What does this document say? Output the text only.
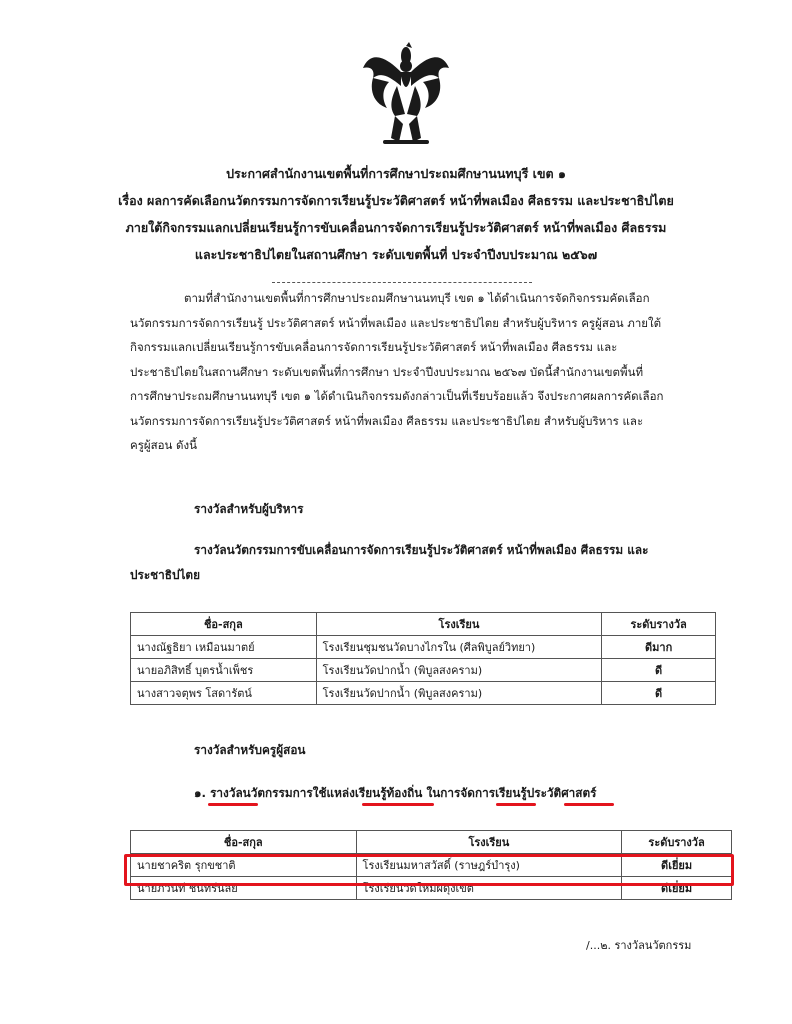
ประกาศสำนักงานเขตพื้นที่การศึกษาประถมศึกษานนทบุรี เขต ๑
เรื่อง ผลการคัดเลือกนวัตกรรมการจัดการเรียนรู้ประวัติศาสตร์ หน้าที่พลเมือง ศีลธรรม และประชาธิปไตย
ภายใต้กิจกรรมแลกเปลี่ยนเรียนรู้การขับเคลื่อนการจัดการเรียนรู้ประวัติศาสตร์ หน้าที่พลเมือง ศีลธรรม
และประชาธิปไตยในสถานศึกษา ระดับเขตพื้นที่ ประจำปีงบประมาณ ๒๕๖๗
ตามที่สำนักงานเขตพื้นที่การศึกษาประถมศึกษานนทบุรี เขต ๑ ได้ดำเนินการจัดกิจกรรมคัดเลือก
นวัตกรรมการจัดการเรียนรู้ ประวัติศาสตร์ หน้าที่พลเมือง และประชาธิปไตย สำหรับผู้บริหาร ครูผู้สอน ภายใต้
กิจกรรมแลกเปลี่ยนเรียนรู้การขับเคลื่อนการจัดการเรียนรู้ประวัติศาสตร์ หน้าที่พลเมือง ศีลธรรม และ
ประชาธิปไตยในสถานศึกษา ระดับเขตพื้นที่การศึกษา ประจำปีงบประมาณ ๒๕๖๗ บัดนี้สำนักงานเขตพื้นที่
การศึกษาประถมศึกษานนทบุรี เขต ๑ ได้ดำเนินกิจกรรมดังกล่าวเป็นที่เรียบร้อยแล้ว จึงประกาศผลการคัดเลือก
นวัตกรรมการจัดการเรียนรู้ประวัติศาสตร์ หน้าที่พลเมือง ศีลธรรม และประชาธิปไตย สำหรับผู้บริหาร และ
ครูผู้สอน ดังนี้
รางวัลสำหรับผู้บริหาร
รางวัลนวัตกรรมการขับเคลื่อนการจัดการเรียนรู้ประวัติศาสตร์ หน้าที่พลเมือง ศีลธรรม และ
ประชาธิปไตย
ชื่อ-สกุล	โรงเรียน	ระดับรางวัล
นางณัฐธิยา เหมือนมาตย์	โรงเรียนชุมชนวัดบางไกรใน (ศีลพิบูลย์วิทยา)	ดีมาก
นายอภิสิทธิ์ บุตรน้ำเพ็ชร	โรงเรียนวัดปากน้ำ (พิบูลสงคราม)	ดี
นางสาวจตุพร โสดารัตน์	โรงเรียนวัดปากน้ำ (พิบูลสงคราม)	ดี
รางวัลสำหรับครูผู้สอน
๑. รางวัลนวัตกรรมการใช้แหล่งเรียนรู้ท้องถิ่น ในการจัดการเรียนรู้ประวัติศาสตร์
ชื่อ-สกุล	โรงเรียน	ระดับรางวัล
นายชาคริต รุกขชาติ	โรงเรียนมหาสวัสดิ์ (ราษฎร์บำรุง)	ดีเยี่ยม
นายภวินท์ ชินทร์นลัย	โรงเรียนวัดใหม่ผดุงเขต	ดีเยี่ยม
/...๒. รางวัลนวัตกรรม
